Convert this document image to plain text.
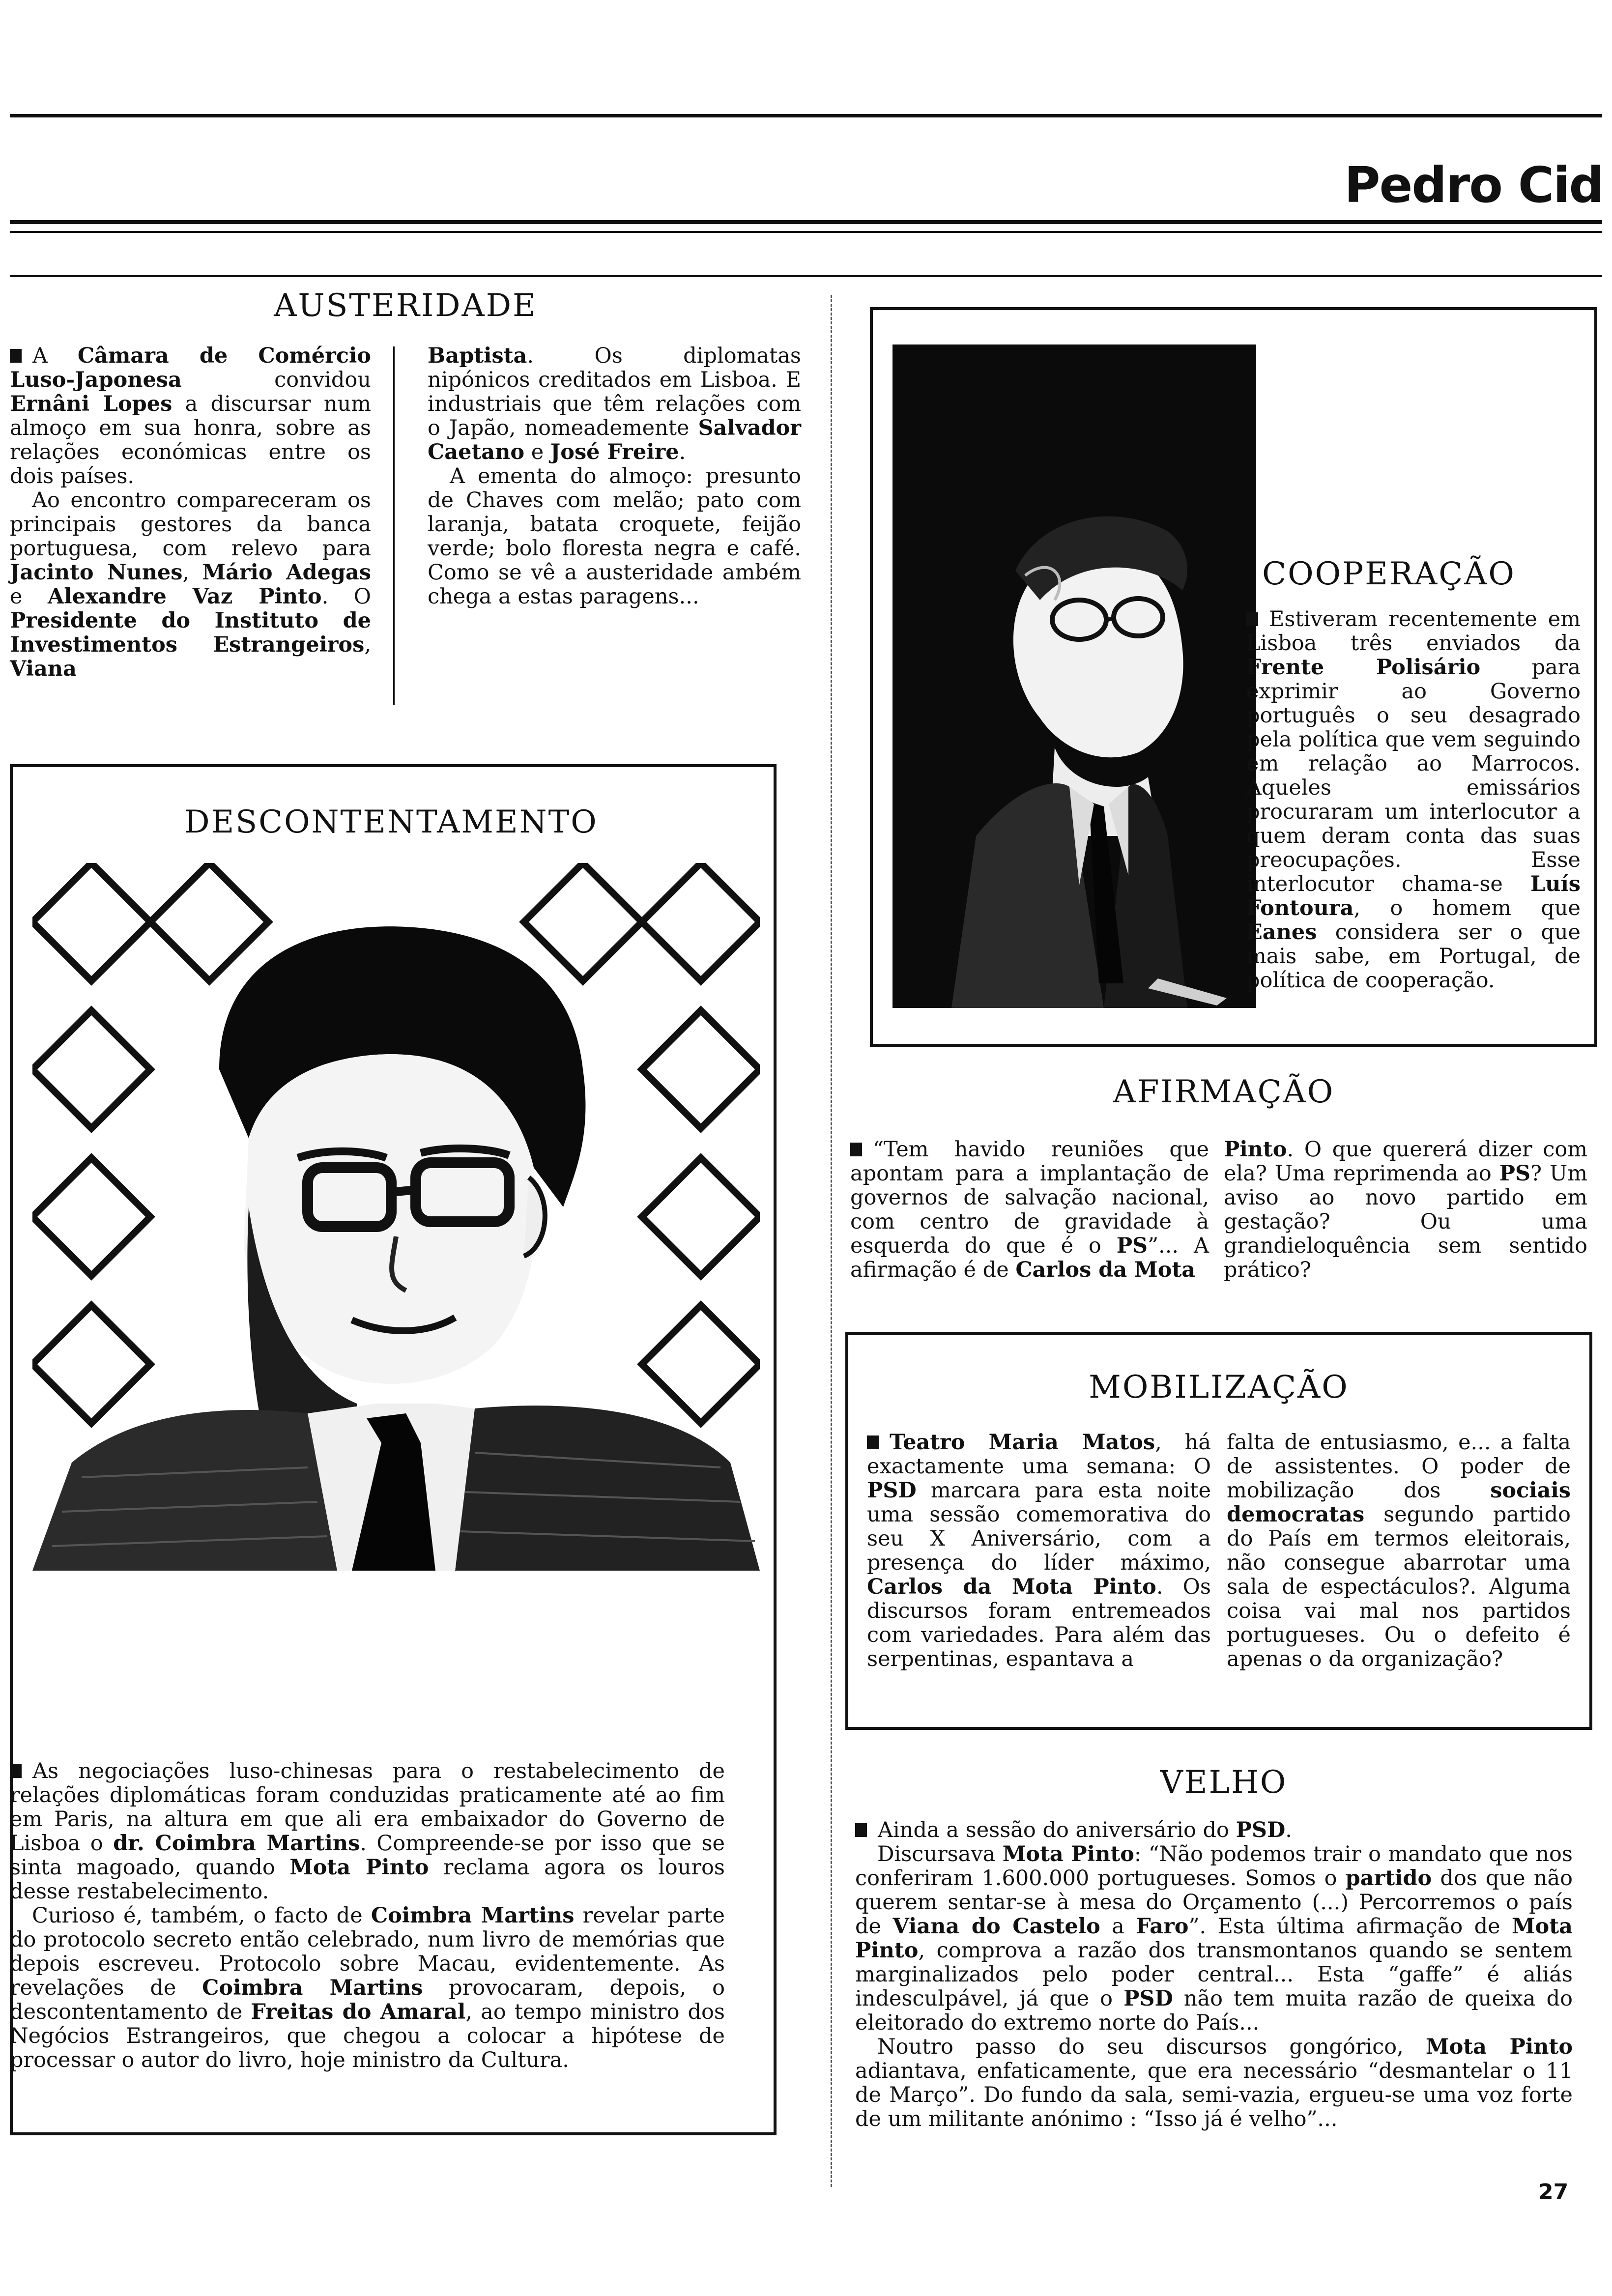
Pedro Cid
AUSTERIDADE

A Câmara de Comércio Luso-Japonesa convidou Ernâni Lopes a discursar num almoço em sua honra, sobre as relações económicas entre os dois países.

Ao encontro compareceram os principais gestores da banca portuguesa, com relevo para Jacinto Nunes, Mário Adegas e Alexandre Vaz Pinto. O Presidente do Instituto de Investimentos Estrangeiros, Viana

Baptista. Os diplomatas nipónicos creditados em Lisboa. E industriais que têm relações com o Japão, nomeademente Salvador Caetano e José Freire.

A ementa do almoço: presunto de Chaves com melão; pato com laranja, batata croquete, feijão verde; bolo floresta negra e café. Como se vê a austeridade ambém chega a estas paragens...

COOPERAÇÃO

Estiveram recentemente em Lisboa três enviados da Frente Polisário para exprimir ao Governo português o seu desagrado pela política que vem seguindo em relação ao Marrocos. Aqueles emissários procuraram um interlocutor a quem deram conta das suas preocupações. Esse interlocutor chama-se Luís Fontoura, o homem que Eanes considera ser o que mais sabe, em Portugal, de política de cooperação.

DESCONTENTAMENTO

As negociações luso-chinesas para o restabelecimento de relações diplomáticas foram conduzidas praticamente até ao fim em Paris, na altura em que ali era embaixador do Governo de Lisboa o dr. Coimbra Martins. Compreende-se por isso que se sinta magoado, quando Mota Pinto reclama agora os louros desse restabelecimento.

Curioso é, também, o facto de Coimbra Martins revelar parte do protocolo secreto então celebrado, num livro de memórias que depois escreveu. Protocolo sobre Macau, evidentemente. As revelações de Coimbra Martins provocaram, depois, o descontentamento de Freitas do Amaral, ao tempo ministro dos Negócios Estrangeiros, que chegou a colocar a hipótese de processar o autor do livro, hoje ministro da Cultura.

AFIRMAÇÃO

“Tem havido reuniões que apontam para a implantação de governos de salvação nacional, com centro de gravidade à esquerda do que é o PS”... A afirmação é de Carlos da Mota

Pinto. O que quererá dizer com ela? Uma reprimenda ao PS? Um aviso ao novo partido em gestação? Ou uma grandieloquência sem sentido prático?

MOBILIZAÇÃO

Teatro Maria Matos, há exactamente uma semana: O PSD marcara para esta noite uma sessão comemorativa do seu X Aniversário, com a presença do líder máximo, Carlos da Mota Pinto. Os discursos foram entremeados com variedades. Para além das serpentinas, espantava a

falta de entusiasmo, e... a falta de assistentes. O poder de mobilização dos sociais democratas segundo partido do País em termos eleitorais, não consegue abarrotar uma sala de espectáculos?. Alguma coisa vai mal nos partidos portugueses. Ou o defeito é apenas o da organização?

VELHO

Ainda a sessão do aniversário do PSD.

Discursava Mota Pinto: “Não podemos trair o mandato que nos conferiram 1.600.000 portugueses. Somos o partido dos que não querem sentar-se à mesa do Orçamento (...) Percorremos o país de Viana do Castelo a Faro”. Esta última afirmação de Mota Pinto, comprova a razão dos transmontanos quando se sentem marginalizados pelo poder central... Esta “gaffe” é aliás indesculpável, já que o PSD não tem muita razão de queixa do eleitorado do extremo norte do País...

Noutro passo do seu discursos gongórico, Mota Pinto adiantava, enfaticamente, que era necessário “desmantelar o 11 de Março”. Do fundo da sala, semi-vazia, ergueu-se uma voz forte de um militante anónimo : “Isso já é velho”...

27
